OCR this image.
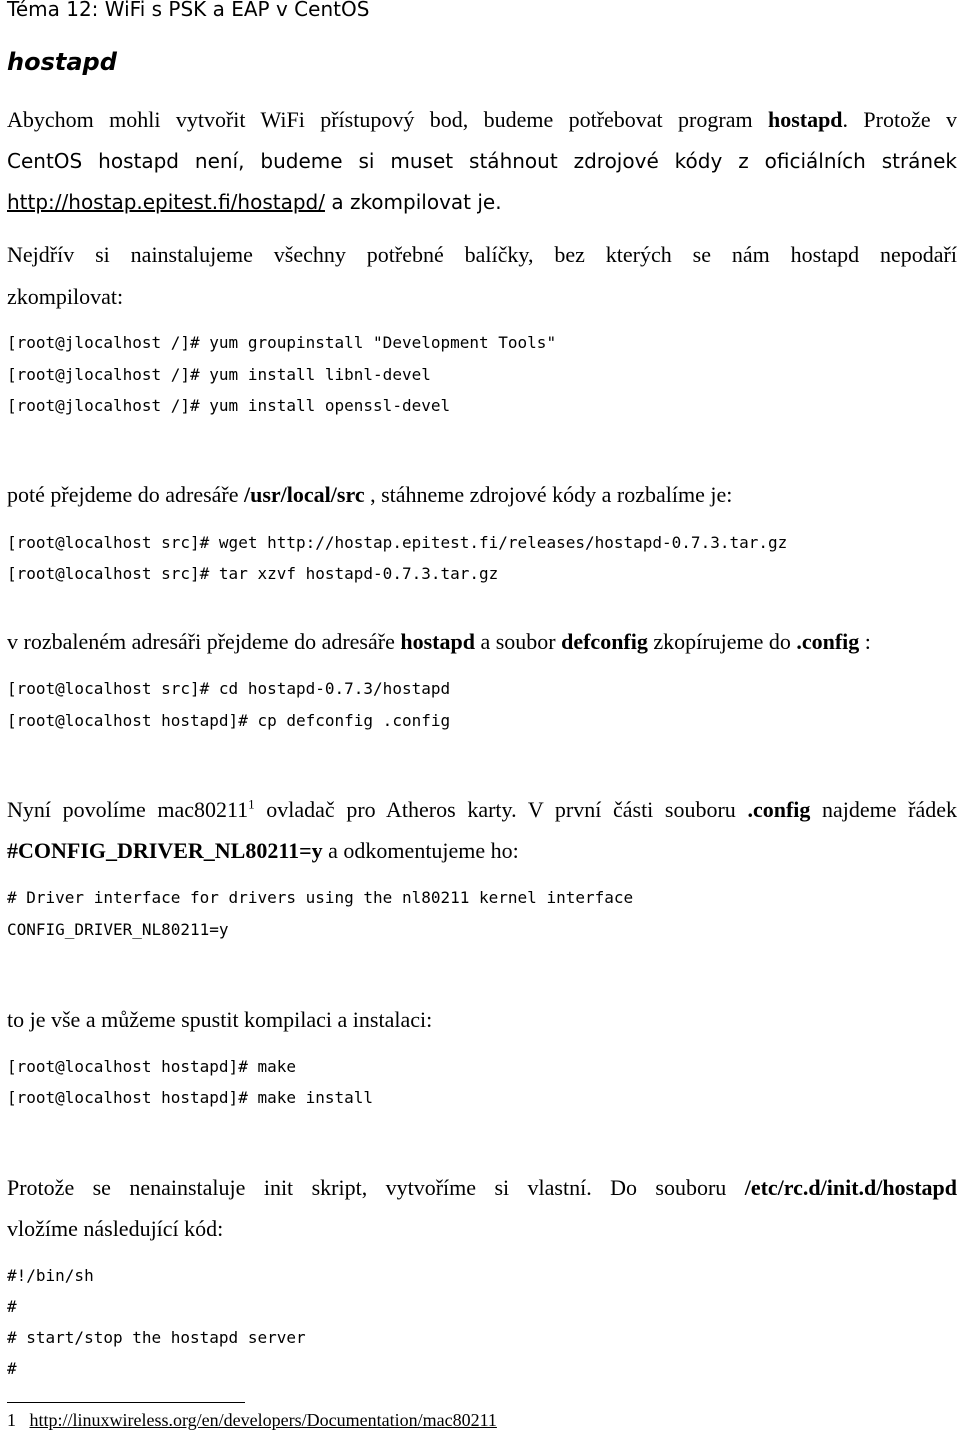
Téma 12: WiFi s PSK a EAP v CentOS
hostapd
Abychom mohli vytvořit WiFi přístupový bod, budeme potřebovat program hostapd. Protože v
CentOS hostapd není, budeme si muset stáhnout zdrojové kódy z oficiálních stránek
http://hostap.epitest.fi/hostapd/ a zkompilovat je.
Nejdřív si nainstalujeme všechny potřebné balíčky, bez kterých se nám hostapd nepodaří
zkompilovat:
[root@jlocalhost /]# yum groupinstall "Development Tools"
[root@jlocalhost /]# yum install libnl-devel
[root@jlocalhost /]# yum install openssl-devel
poté přejdeme do adresáře /usr/local/src , stáhneme zdrojové kódy a rozbalíme je:
[root@localhost src]# wget http://hostap.epitest.fi/releases/hostapd-0.7.3.tar.gz
[root@localhost src]# tar xzvf hostapd-0.7.3.tar.gz
v rozbaleném adresáři přejdeme do adresáře hostapd a soubor defconfig zkopírujeme do .config :
[root@localhost src]# cd hostapd-0.7.3/hostapd
[root@localhost hostapd]# cp defconfig .config
Nyní povolíme mac80211$^1$ ovladač pro Atheros karty. V první části souboru .config najdeme řádek
#CONFIG_DRIVER_NL80211=y a odkomentujeme ho:
# Driver interface for drivers using the nl80211 kernel interface
CONFIG_DRIVER_NL80211=y
to je vše a můžeme spustit kompilaci a instalaci:
[root@localhost hostapd]# make
[root@localhost hostapd]# make install
Protože se nenainstaluje init skript, vytvoříme si vlastní. Do souboru /etc/rc.d/init.d/hostapd
vložíme následující kód:
#!/bin/sh
#
# start/stop the hostapd server
#
1 http://linuxwireless.org/en/developers/Documentation/mac80211
